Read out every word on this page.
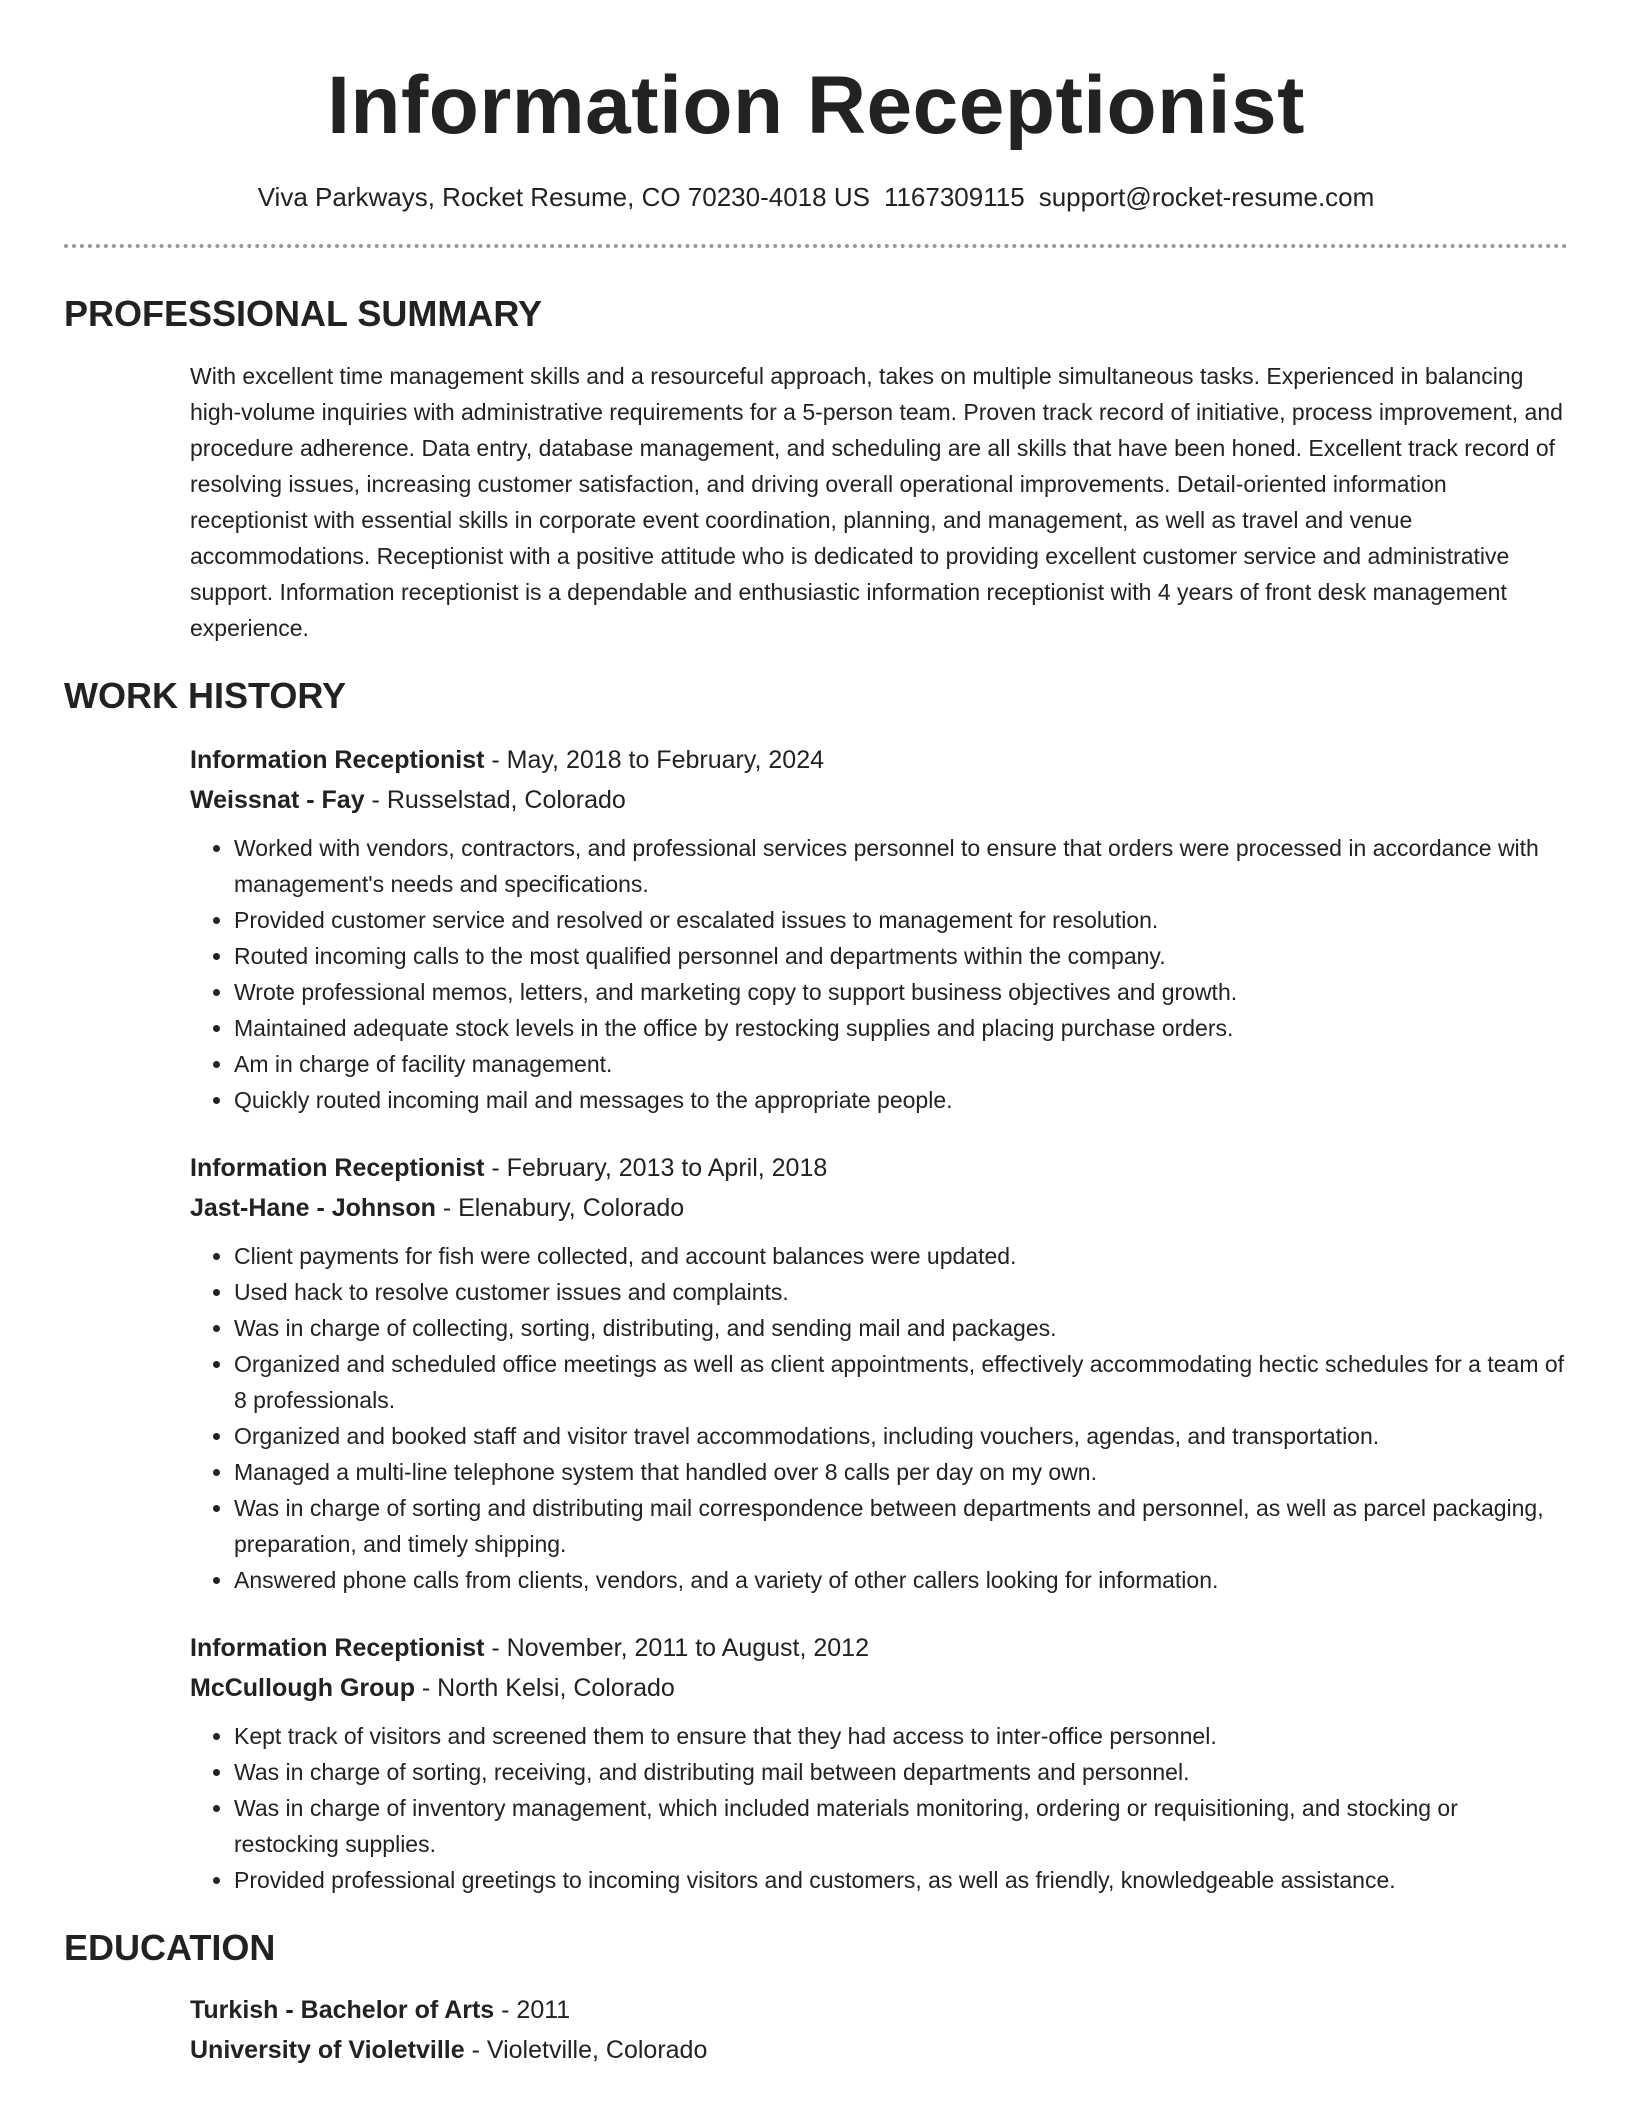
Information Receptionist
Viva Parkways, Rocket Resume, CO 70230-4018 US 1167309115 support@rocket-resume.com
PROFESSIONAL SUMMARY
With excellent time management skills and a resourceful approach, takes on multiple simultaneous tasks. Experienced in balancing high-volume inquiries with administrative requirements for a 5-person team. Proven track record of initiative, process improvement, and procedure adherence. Data entry, database management, and scheduling are all skills that have been honed. Excellent track record of resolving issues, increasing customer satisfaction, and driving overall operational improvements. Detail-oriented information receptionist with essential skills in corporate event coordination, planning, and management, as well as travel and venue accommodations. Receptionist with a positive attitude who is dedicated to providing excellent customer service and administrative support. Information receptionist is a dependable and enthusiastic information receptionist with 4 years of front desk management experience.
WORK HISTORY
Information Receptionist - May, 2018 to February, 2024
Weissnat - Fay - Russelstad, Colorado
• Worked with vendors, contractors, and professional services personnel to ensure that orders were processed in accordance with management's needs and specifications.
• Provided customer service and resolved or escalated issues to management for resolution.
• Routed incoming calls to the most qualified personnel and departments within the company.
• Wrote professional memos, letters, and marketing copy to support business objectives and growth.
• Maintained adequate stock levels in the office by restocking supplies and placing purchase orders.
• Am in charge of facility management.
• Quickly routed incoming mail and messages to the appropriate people.
Information Receptionist - February, 2013 to April, 2018
Jast-Hane - Johnson - Elenabury, Colorado
• Client payments for fish were collected, and account balances were updated.
• Used hack to resolve customer issues and complaints.
• Was in charge of collecting, sorting, distributing, and sending mail and packages.
• Organized and scheduled office meetings as well as client appointments, effectively accommodating hectic schedules for a team of 8 professionals.
• Organized and booked staff and visitor travel accommodations, including vouchers, agendas, and transportation.
• Managed a multi-line telephone system that handled over 8 calls per day on my own.
• Was in charge of sorting and distributing mail correspondence between departments and personnel, as well as parcel packaging, preparation, and timely shipping.
• Answered phone calls from clients, vendors, and a variety of other callers looking for information.
Information Receptionist - November, 2011 to August, 2012
McCullough Group - North Kelsi, Colorado
• Kept track of visitors and screened them to ensure that they had access to inter-office personnel.
• Was in charge of sorting, receiving, and distributing mail between departments and personnel.
• Was in charge of inventory management, which included materials monitoring, ordering or requisitioning, and stocking or restocking supplies.
• Provided professional greetings to incoming visitors and customers, as well as friendly, knowledgeable assistance.
EDUCATION
Turkish - Bachelor of Arts - 2011
University of Violetville - Violetville, Colorado
